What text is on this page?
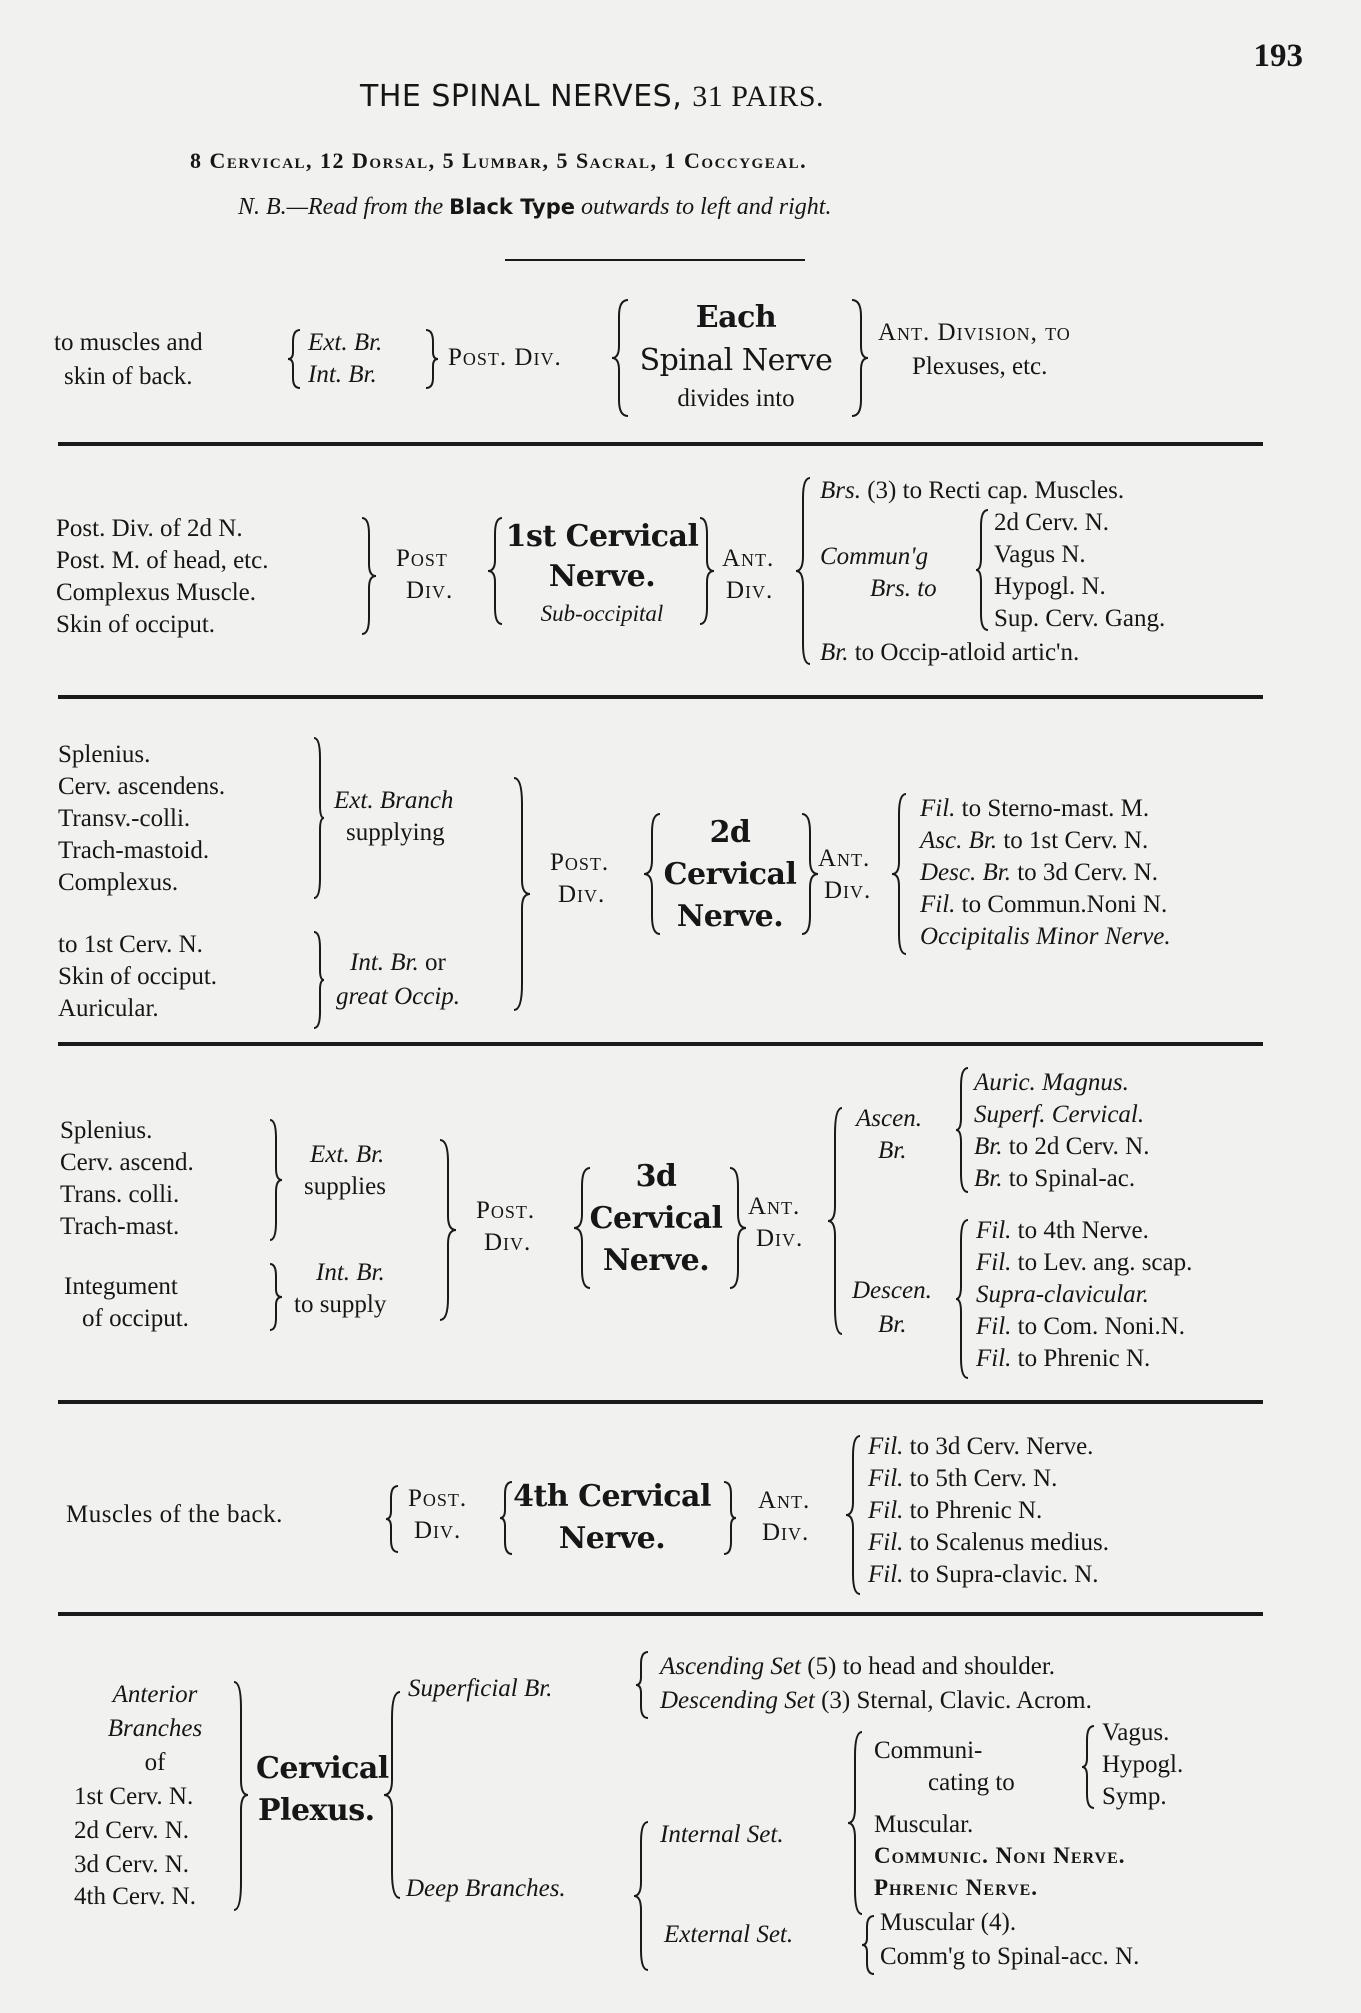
193
THE SPINAL NERVES, 31 PAIRS.
8 Cervical, 12 Dorsal, 5 Lumbar, 5 Sacral, 1 Coccygeal.
N. B.—Read from the Black Type outwards to left and right.
to muscles and
skin of back.
Ext. Br.
Int. Br.
Post. Div.
Each
Spinal Nerve
divides into
Ant. Division, to
Plexuses, etc.
Post. Div. of 2d N.
Post. M. of head, etc.
Complexus Muscle.
Skin of occiput.
Post
Div.
1st Cervical
Nerve.
Sub-occipital
Ant.
Div.
Brs. (3) to Recti cap. Muscles.
Commun'g
Brs. to
2d Cerv. N.
Vagus N.
Hypogl. N.
Sup. Cerv. Gang.
Br. to Occip-atloid artic'n.
Splenius.
Cerv. ascendens.
Transv.-colli.
Trach-mastoid.
Complexus.
Ext. Branch
supplying
to 1st Cerv. N.
Skin of occiput.
Auricular.
Int. Br. or
great Occip.
Post.
Div.
2d
Cervical
Nerve.
Ant.
Div.
Fil. to Sterno-mast. M.
Asc. Br. to 1st Cerv. N.
Desc. Br. to 3d Cerv. N.
Fil. to Commun.Noni N.
Occipitalis Minor Nerve.
Splenius.
Cerv. ascend.
Trans. colli.
Trach-mast.
Ext. Br.
supplies
Integument
of occiput.
Int. Br.
to supply
Post.
Div.
3d
Cervical
Nerve.
Ant.
Div.
Ascen.
Br.
Auric. Magnus.
Superf. Cervical.
Br. to 2d Cerv. N.
Br. to Spinal-ac.
Descen.
Br.
Fil. to 4th Nerve.
Fil. to Lev. ang. scap.
Supra-clavicular.
Fil. to Com. Noni.N.
Fil. to Phrenic N.
Muscles of the back.
Post.
Div.
4th Cervical
Nerve.
Ant.
Div.
Fil. to 3d Cerv. Nerve.
Fil. to 5th Cerv. N.
Fil. to Phrenic N.
Fil. to Scalenus medius.
Fil. to Supra-clavic. N.
Anterior
Branches
of
1st Cerv. N.
2d Cerv. N.
3d Cerv. N.
4th Cerv. N.
Cervical
Plexus.
Superficial Br.
Ascending Set (5) to head and shoulder.
Descending Set (3) Sternal, Clavic. Acrom.
Deep Branches.
Internal Set.
Communi-
cating to
Vagus.
Hypogl.
Symp.
Muscular.
Communic. Noni Nerve.
Phrenic Nerve.
External Set.	Muscular (4).
Comm'g to Spinal-acc. N.
